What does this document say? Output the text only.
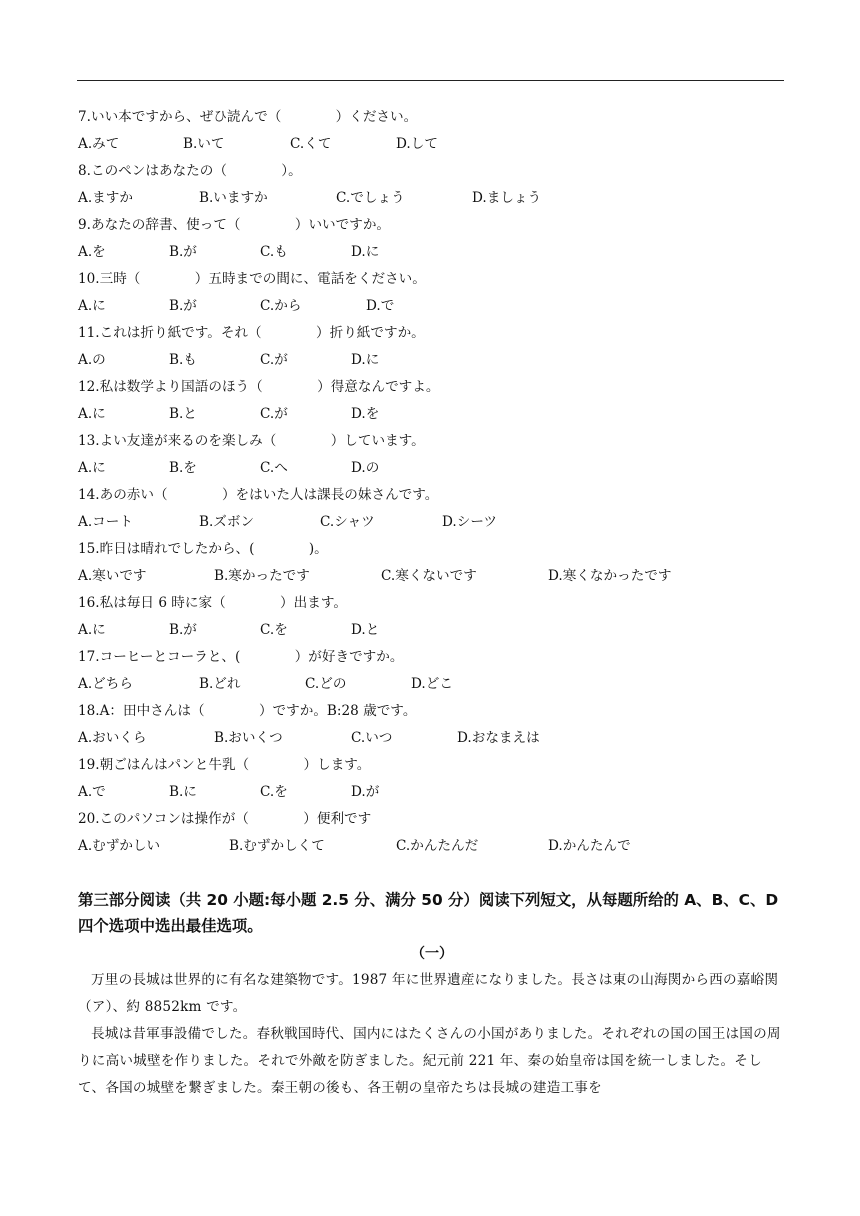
7.いい本ですから、ぜひ読んで（　　　　）ください。
A.みて	B.いて	C.くて	D.して
8.このペンはあなたの（　　　　）。
A.ますか	B.いますか	C.でしょう	D.ましょう
9.あなたの辞書、使って（　　　　）いいですか。
A.を	B.が	C.も	D.に
10.三時（　　　　）五時までの間に、電話をください。
A.に	B.が	C.から	D.で
11.これは折り紙です。それ（　　　　）折り紙ですか。
A.の	B.も	C.が	D.に
12.私は数学より国語のほう（　　　　）得意なんですよ。
A.に	B.と	C.が	D.を
13.よい友達が来るのを楽しみ（　　　　）しています。
A.に	B.を	C.へ	D.の
14.あの赤い（　　　　）をはいた人は課長の妹さんです。
A.コート	B.ズボン	C.シャツ	D.シーツ
15.昨日は晴れでしたから、(　　　　)。
A.寒いです	B.寒かったです	C.寒くないです	D.寒くなかったです
16.私は毎日 6 時に家（　　　　）出ます。
A.に	B.が	C.を	D.と
17.コーヒーとコーラと、(　　　　）が好きですか。
A.どちら	B.どれ	C.どの	D.どこ
18.A：田中さんは（　　　　）ですか。B:28 歳です。
A.おいくら	B.おいくつ	C.いつ	D.おなまえは
19.朝ごはんはパンと牛乳（　　　　）します。
A.で	B.に	C.を	D.が
20.このパソコンは操作が（　　　　）便利です
A.むずかしい	B.むずかしくて	C.かんたんだ	D.かんたんで

第三部分阅读（共 20 小题:每小题 2.5 分、满分 50 分）阅读下列短文，从每题所给的 A、B、C、D 四个选项中选出最佳选项。

（一）

万里の長城は世界的に有名な建築物です。1987 年に世界遺産になりました。長さは東の山海関から西の嘉峪関（ア）、約 8852km です。

長城は昔軍事設備でした。春秋戦国時代、国内にはたくさんの小国がありました。それぞれの国の国王は国の周りに高い城壁を作りました。それで外敵を防ぎました。紀元前 221 年、秦の始皇帝は国を統一しました。そして、各国の城壁を繋ぎました。秦王朝の後も、各王朝の皇帝たちは長城の建造工事を
